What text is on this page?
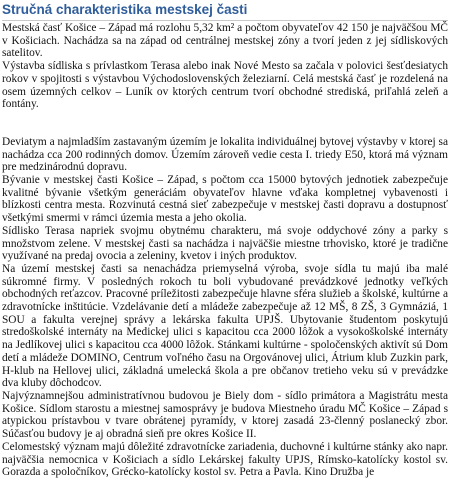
Stručná charakteristika mestskej časti

Mestská časť Košice – Západ má rozlohu 5,32 km² a počtom obyvateľov 42 150 je najväčšou MČ v Košiciach. Nachádza sa na západ od centrálnej mestskej zóny a tvorí jeden z jej sídliskových satelitov.

Výstavba sídliska s prívlastkom Terasa alebo inak Nové Mesto sa začala v polovici šesťdesiatych rokov v spojitosti s výstavbou Východoslovenských železiarní. Celá mestská časť je rozdelená na osem územných celkov – Luník ov ktorých centrum tvorí obchodné strediská, priľahlá zeleň a fontány.

Deviatym a najmladším zastavaným územím je lokalita individuálnej bytovej výstavby v ktorej sa nachádza cca 200 rodinných domov. Územím zároveň vedie cesta I. triedy E50, ktorá má význam pre medzinárodnú dopravu.

Bývanie v mestskej časti Košice – Západ, s počtom cca 15000 bytových jednotiek zabezpečuje kvalitné bývanie všetkým generáciám obyvateľov hlavne vďaka kompletnej vybavenosti i blízkosti centra mesta. Rozvinutá cestná sieť zabezpečuje v mestskej časti dopravu a dostupnosť všetkými smermi v rámci územia mesta a jeho okolia.

Sídlisko Terasa napriek svojmu obytnému charakteru, má svoje oddychové zóny a parky s množstvom zelene. V mestskej časti sa nachádza i najväčšie miestne trhovisko, ktoré je tradične využívané na predaj ovocia a zeleniny, kvetov i iných produktov.

Na území mestskej časti sa nenachádza priemyselná výroba, svoje sídla tu majú iba malé súkromné firmy. V posledných rokoch tu boli vybudované prevádzkové jednotky veľkých obchodných reťazcov. Pracovné príležitosti zabezpečuje hlavne sféra služieb a školské, kultúrne a zdravotnícke inštitúcie. Vzdelávanie detí a mládeže zabezpečuje až 12 MŠ, 8 ZŠ, 3 Gymnáziá, 1 SOU a fakulta verejnej správy a lekárska fakulta UPJŠ. Ubytovanie študentom poskytujú stredoškolské internáty na Medickej ulici s kapacitou cca 2000 lôžok a vysokoškolské internáty na Jedlíkovej ulici s kapacitou cca 4000 lôžok. Stánkami kultúrne - spoločenských aktivít sú Dom detí a mládeže DOMINO, Centrum voľného času na Orgovánovej ulici, Átrium klub Zuzkin park, H-klub na Hellovej ulici, základná umelecká škola a pre občanov tretieho veku sú v prevádzke dva kluby dôchodcov.

Najvýznamnejšou administratívnou budovou je Biely dom - sídlo primátora a Magistrátu mesta Košice. Sídlom starostu a miestnej samosprávy je budova Miestneho úradu MČ Košice – Západ s atypickou prístavbou v tvare obrátenej pyramídy, v ktorej zasadá 23-členný poslanecký zbor. Súčasťou budovy je aj obradná sieň pre okres Košice II.

Celomestský význam majú dôležité zdravotnícke zariadenia, duchovné i kultúrne stánky ako napr. najväčšia nemocnica v Košiciach a sídlo Lekárskej fakulty UPJS, Rímsko-katolícky kostol sv. Gorazda a spoločníkov, Grécko-katolícky kostol sv. Petra a Pavla. Kino Družba je
